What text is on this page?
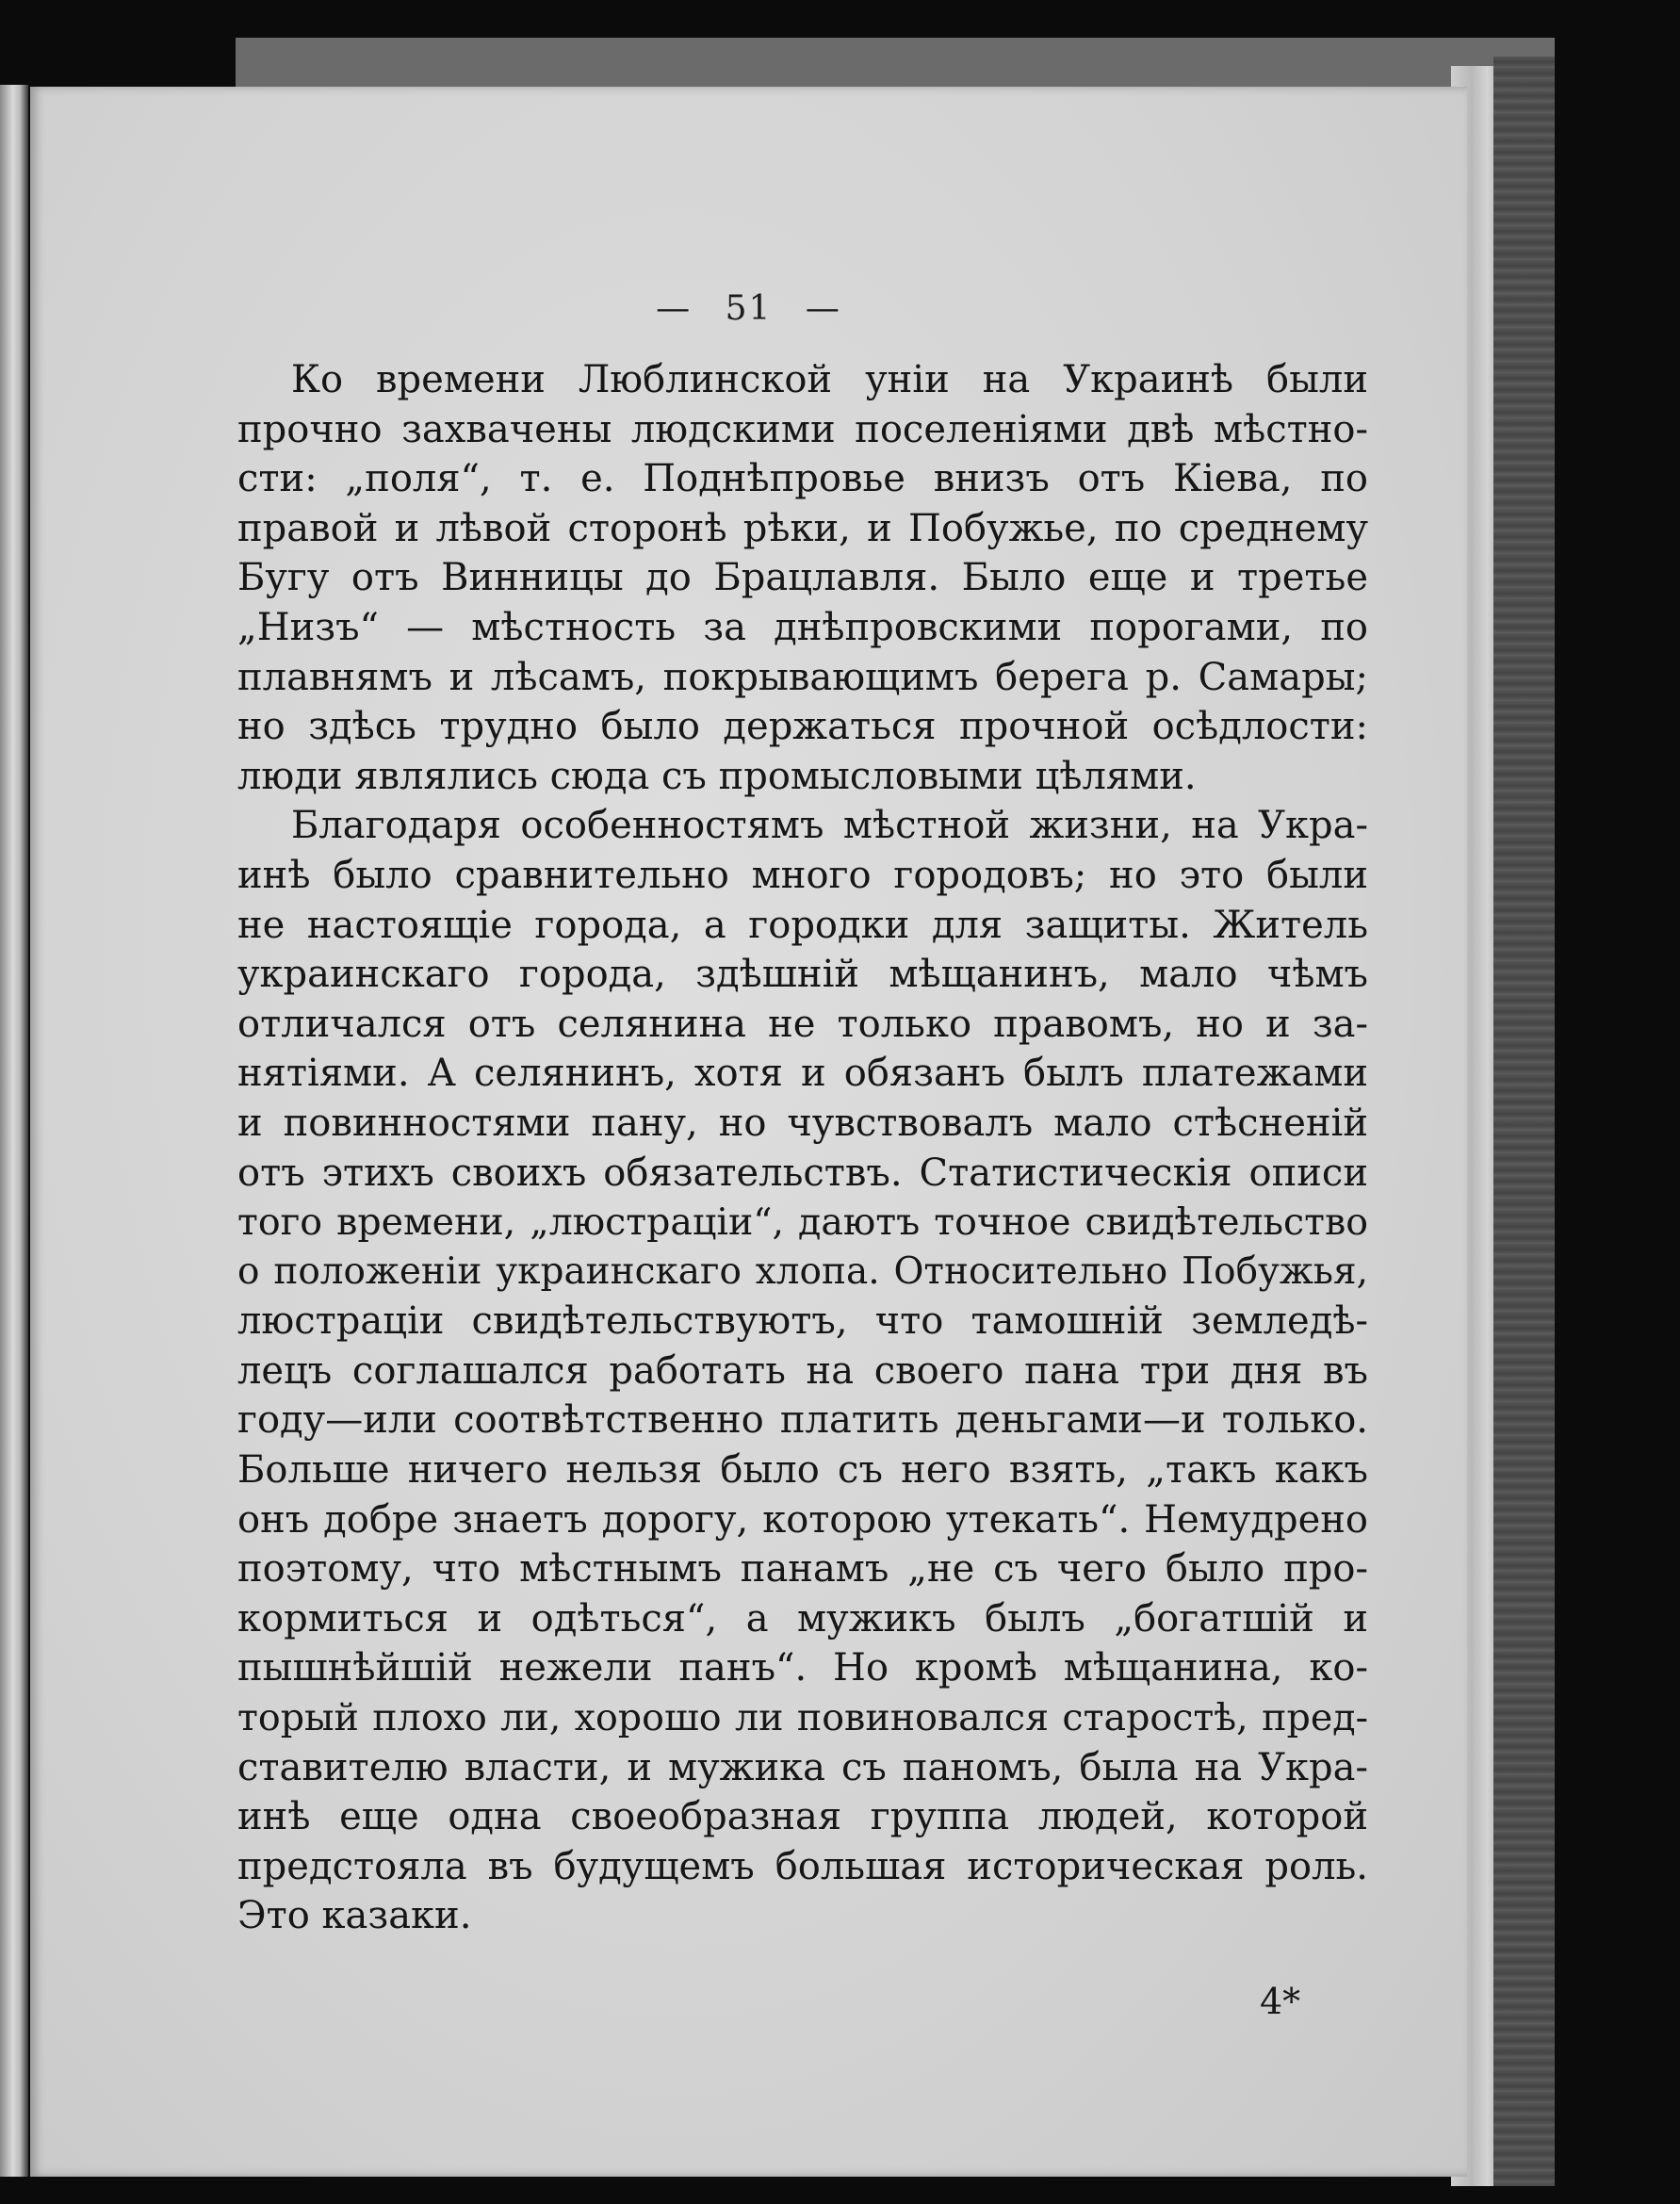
— 51 —
Ко времени Люблинской уніи на Украинѣ были
прочно захвачены людскими поселеніями двѣ мѣстно-
сти: „поля“, т. е. Поднѣпровье внизъ отъ Кіева, по
правой и лѣвой сторонѣ рѣки, и Побужье, по среднему
Бугу отъ Винницы до Брацлавля. Было еще и третье
„Низъ“ — мѣстность за днѣпровскими порогами, по
плавнямъ и лѣсамъ, покрывающимъ берега р. Самары;
но здѣсь трудно было держаться прочной осѣдлости:
люди являлись сюда съ промысловыми цѣлями.
Благодаря особенностямъ мѣстной жизни, на Укра-
инѣ было сравнительно много городовъ; но это были
не настоящіе города, а городки для защиты. Житель
украинскаго города, здѣшній мѣщанинъ, мало чѣмъ
отличался отъ селянина не только правомъ, но и за-
нятіями. А селянинъ, хотя и обязанъ былъ платежами
и повинностями пану, но чувствовалъ мало стѣсненій
отъ этихъ своихъ обязательствъ. Статистическія описи
того времени, „люстраціи“, даютъ точное свидѣтельство
о положеніи украинскаго хлопа. Относительно Побужья,
люстраціи свидѣтельствуютъ, что тамошній земледѣ-
лецъ соглашался работать на своего пана три дня въ
году—или соотвѣтственно платить деньгами—и только.
Больше ничего нельзя было съ него взять, „такъ какъ
онъ добре знаетъ дорогу, которою утекать“. Немудрено
поэтому, что мѣстнымъ панамъ „не съ чего было про-
кормиться и одѣться“, а мужикъ былъ „богатшій и
пышнѣйшій нежели панъ“. Но кромѣ мѣщанина, ко-
торый плохо ли, хорошо ли повиновался старостѣ, пред-
ставителю власти, и мужика съ паномъ, была на Укра-
инѣ еще одна своеобразная группа людей, которой
предстояла въ будущемъ большая историческая роль.
Это казаки.
4*
